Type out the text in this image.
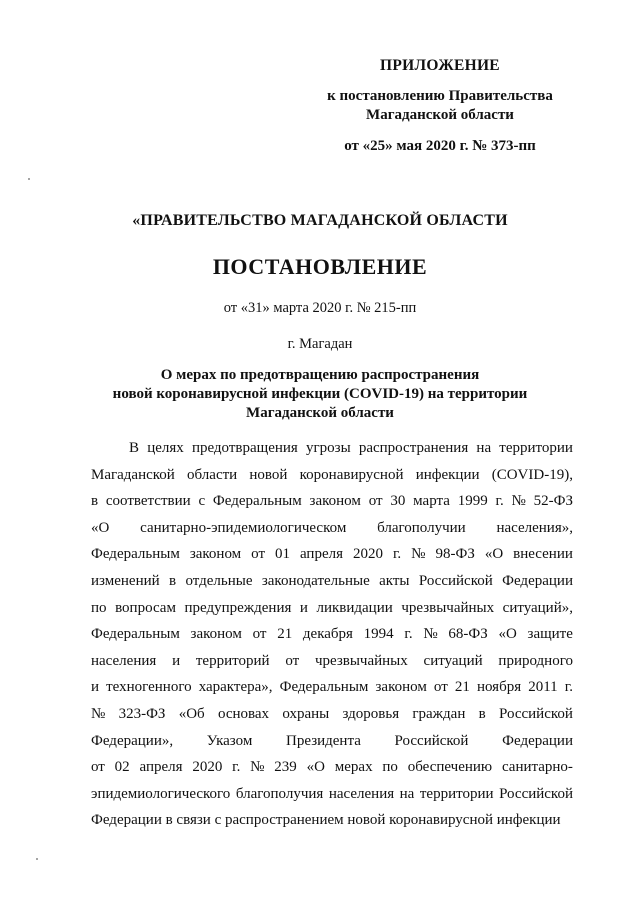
ПРИЛОЖЕНИЕ
к постановлению Правительства
Магаданской области
от «25» мая 2020 г. № 373-пп
«ПРАВИТЕЛЬСТВО МАГАДАНСКОЙ ОБЛАСТИ
ПОСТАНОВЛЕНИЕ
от «31» марта 2020 г. № 215-пп
г. Магадан
О мерах по предотвращению распространения
новой коронавирусной инфекции (COVID-19) на территории
Магаданской области
В целях предотвращения угрозы распространения на территории
Магаданской области новой коронавирусной инфекции (COVID-19),
в соответствии с Федеральным законом от 30 марта 1999 г. № 52-ФЗ
«О санитарно-эпидемиологическом благополучии населения»,
Федеральным законом от 01 апреля 2020 г. № 98-ФЗ «О внесении
изменений в отдельные законодательные акты Российской Федерации
по вопросам предупреждения и ликвидации чрезвычайных ситуаций»,
Федеральным законом от 21 декабря 1994 г. № 68-ФЗ «О защите
населения и территорий от чрезвычайных ситуаций природного
и техногенного характера», Федеральным законом от 21 ноября 2011 г.
№ 323-ФЗ «Об основах охраны здоровья граждан в Российской
Федерации», Указом Президента Российской Федерации
от 02 апреля 2020 г. № 239 «О мерах по обеспечению санитарно-
эпидемиологического благополучия населения на территории Российской
Федерации в связи с распространением новой коронавирусной инфекции
